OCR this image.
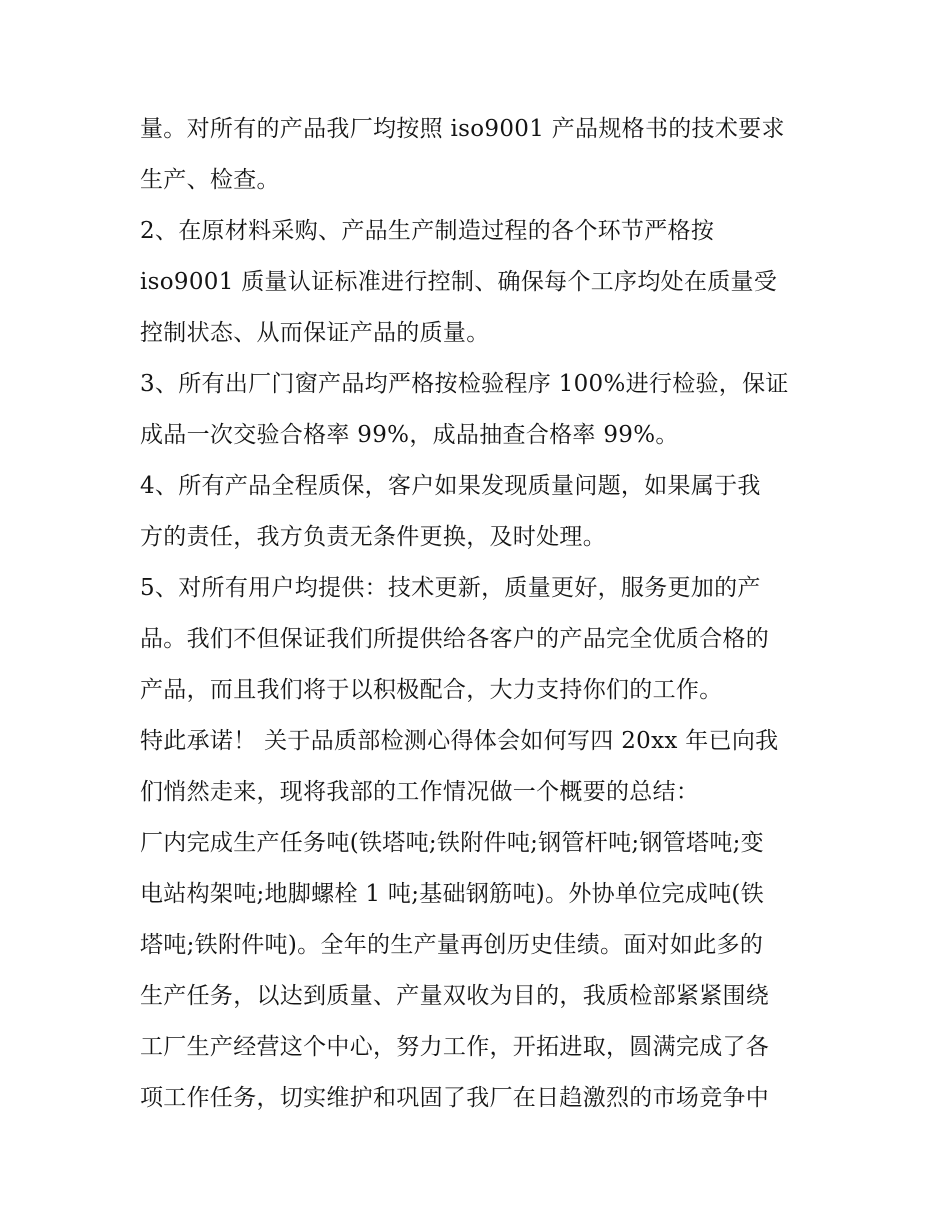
量。对所有的产品我厂均按照 iso9001 产品规格书的技术要求
生产、检查。
2、在原材料采购、产品生产制造过程的各个环节严格按
iso9001 质量认证标准进行控制、确保每个工序均处在质量受
控制状态、从而保证产品的质量。
3、所有出厂门窗产品均严格按检验程序 100%进行检验，保证
成品一次交验合格率 99%，成品抽查合格率 99%。
4、所有产品全程质保，客户如果发现质量问题，如果属于我
方的责任，我方负责无条件更换，及时处理。
5、对所有用户均提供：技术更新，质量更好，服务更加的产
品。我们不但保证我们所提供给各客户的产品完全优质合格的
产品，而且我们将于以积极配合，大力支持你们的工作。
特此承诺！ 关于品质部检测心得体会如何写四 20xx 年已向我
们悄然走来，现将我部的工作情况做一个概要的总结：
厂内完成生产任务吨(铁塔吨;铁附件吨;钢管杆吨;钢管塔吨;变
电站构架吨;地脚螺栓 1 吨;基础钢筋吨)。外协单位完成吨(铁
塔吨;铁附件吨)。全年的生产量再创历史佳绩。面对如此多的
生产任务，以达到质量、产量双收为目的，我质检部紧紧围绕
工厂生产经营这个中心，努力工作，开拓进取，圆满完成了各
项工作任务，切实维护和巩固了我厂在日趋激烈的市场竞争中
